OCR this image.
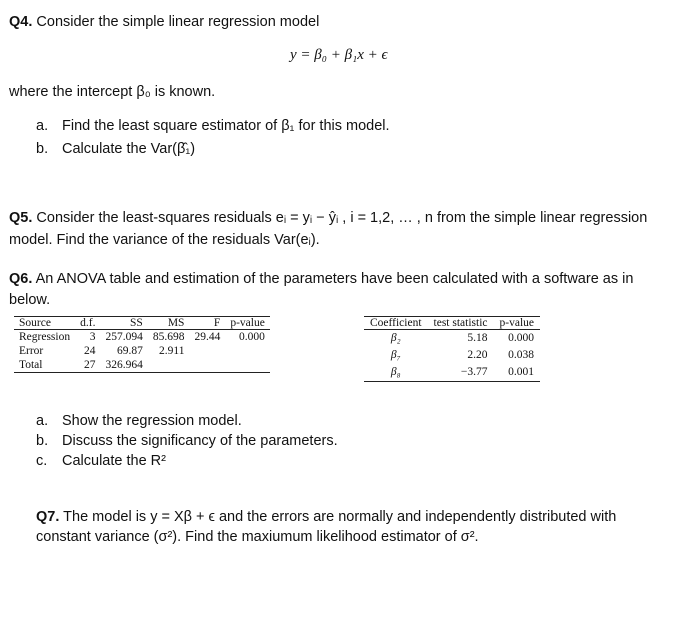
Q4. Consider the simple linear regression model
y = β₀ + β₁x + ϵ
where the intercept β₀ is known.
a. Find the least square estimator of β₁ for this model.
b. Calculate the Var(β̂₁)
Q5. Consider the least-squares residuals eᵢ = yᵢ − ŷᵢ , i = 1,2, … , n from the simple linear regression
model. Find the variance of the residuals Var(eᵢ).
Q6. An ANOVA table and estimation of the parameters have been calculated with a software as in
below.
Source	d.f.	SS	MS	F	p-value
Regression	3	257.094	85.698	29.44	0.000
Error	24	69.87	2.911		
Total	27	326.964			
Coefficient	test statistic	p-value
β₂	5.18	0.000
β₇	2.20	0.038
β₈	−3.77	0.001
a. Show the regression model.
b. Discuss the significancy of the parameters.
c. Calculate the R²
Q7. The model is y = Xβ + ϵ and the errors are normally and independently distributed with
constant variance (σ²). Find the maxiumum likelihood estimator of σ².
